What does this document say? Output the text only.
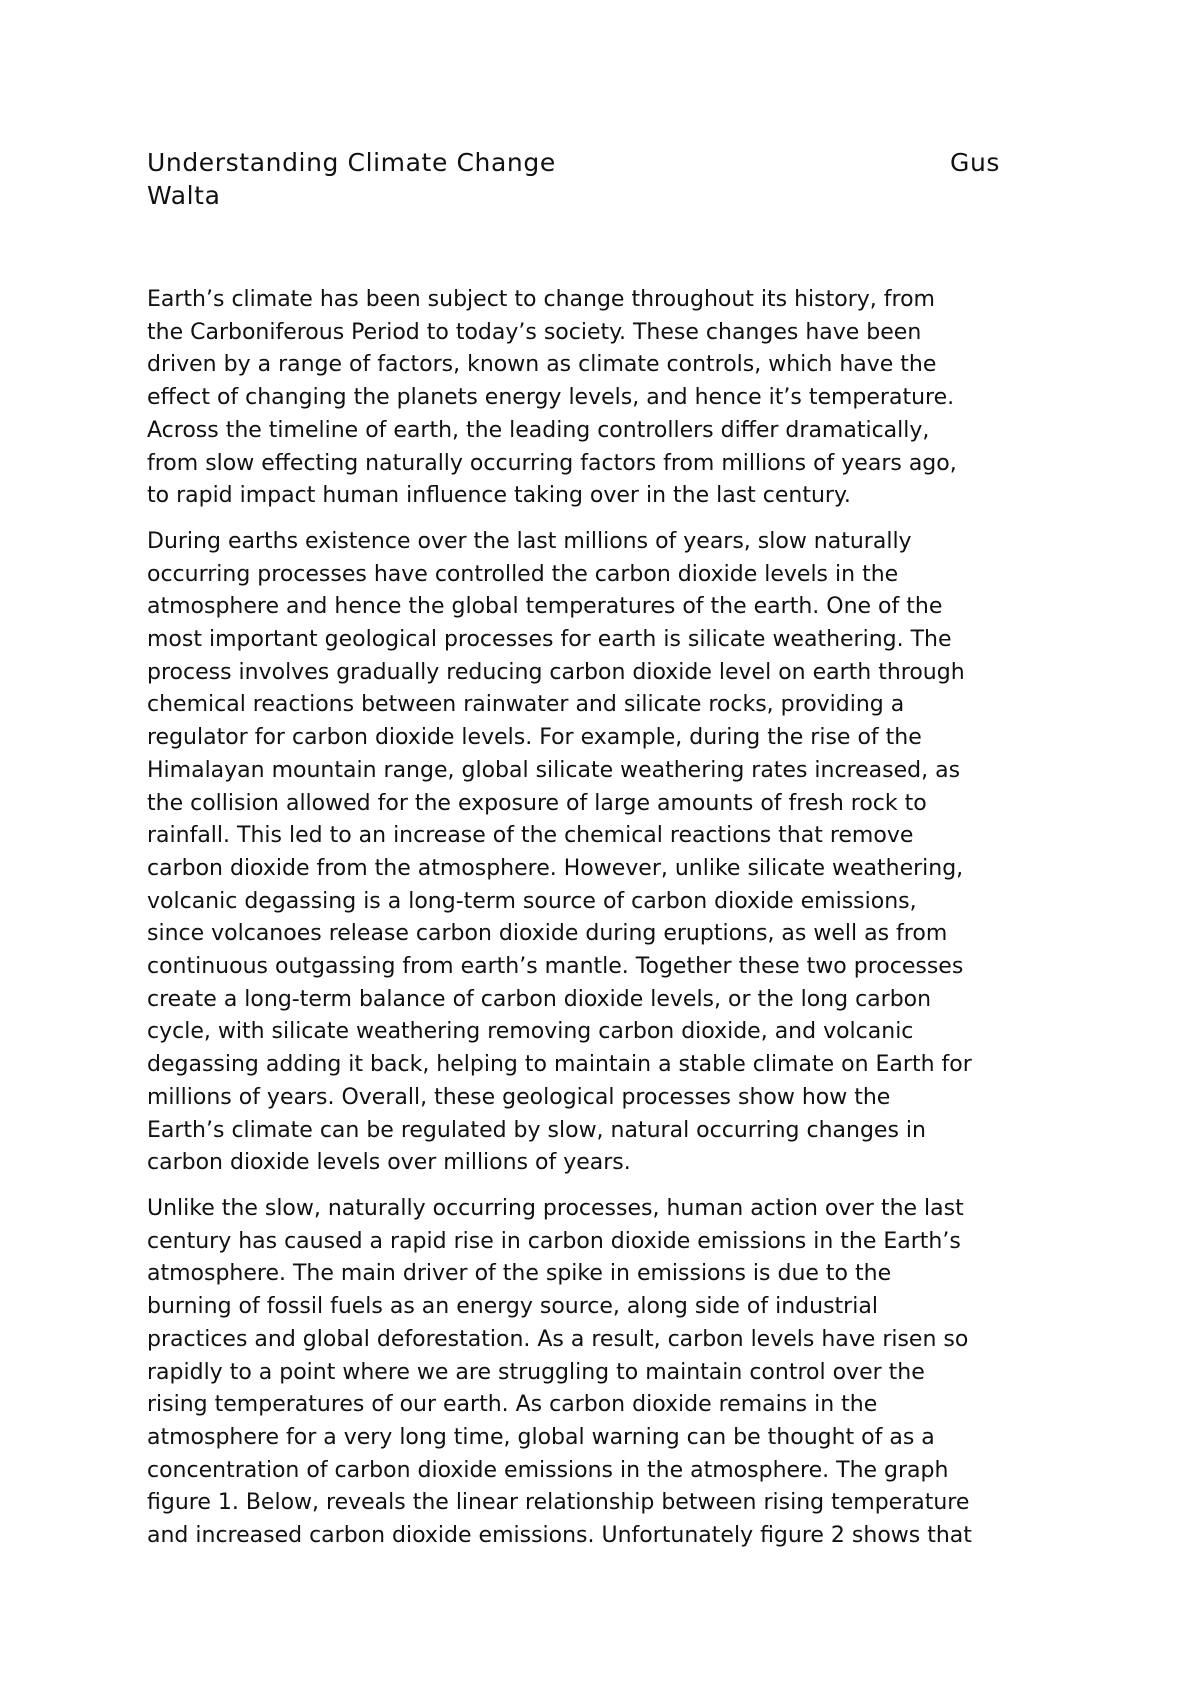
Understanding Climate Change	Gus
Walta

Earth’s climate has been subject to change throughout its history, from
the Carboniferous Period to today’s society. These changes have been
driven by a range of factors, known as climate controls, which have the
effect of changing the planets energy levels, and hence it’s temperature.
Across the timeline of earth, the leading controllers differ dramatically,
from slow effecting naturally occurring factors from millions of years ago,
to rapid impact human influence taking over in the last century.

During earths existence over the last millions of years, slow naturally
occurring processes have controlled the carbon dioxide levels in the
atmosphere and hence the global temperatures of the earth. One of the
most important geological processes for earth is silicate weathering. The
process involves gradually reducing carbon dioxide level on earth through
chemical reactions between rainwater and silicate rocks, providing a
regulator for carbon dioxide levels. For example, during the rise of the
Himalayan mountain range, global silicate weathering rates increased, as
the collision allowed for the exposure of large amounts of fresh rock to
rainfall. This led to an increase of the chemical reactions that remove
carbon dioxide from the atmosphere. However, unlike silicate weathering,
volcanic degassing is a long-term source of carbon dioxide emissions,
since volcanoes release carbon dioxide during eruptions, as well as from
continuous outgassing from earth’s mantle. Together these two processes
create a long-term balance of carbon dioxide levels, or the long carbon
cycle, with silicate weathering removing carbon dioxide, and volcanic
degassing adding it back, helping to maintain a stable climate on Earth for
millions of years. Overall, these geological processes show how the
Earth’s climate can be regulated by slow, natural occurring changes in
carbon dioxide levels over millions of years.

Unlike the slow, naturally occurring processes, human action over the last
century has caused a rapid rise in carbon dioxide emissions in the Earth’s
atmosphere. The main driver of the spike in emissions is due to the
burning of fossil fuels as an energy source, along side of industrial
practices and global deforestation. As a result, carbon levels have risen so
rapidly to a point where we are struggling to maintain control over the
rising temperatures of our earth. As carbon dioxide remains in the
atmosphere for a very long time, global warning can be thought of as a
concentration of carbon dioxide emissions in the atmosphere. The graph
figure 1. Below, reveals the linear relationship between rising temperature
and increased carbon dioxide emissions. Unfortunately figure 2 shows that
